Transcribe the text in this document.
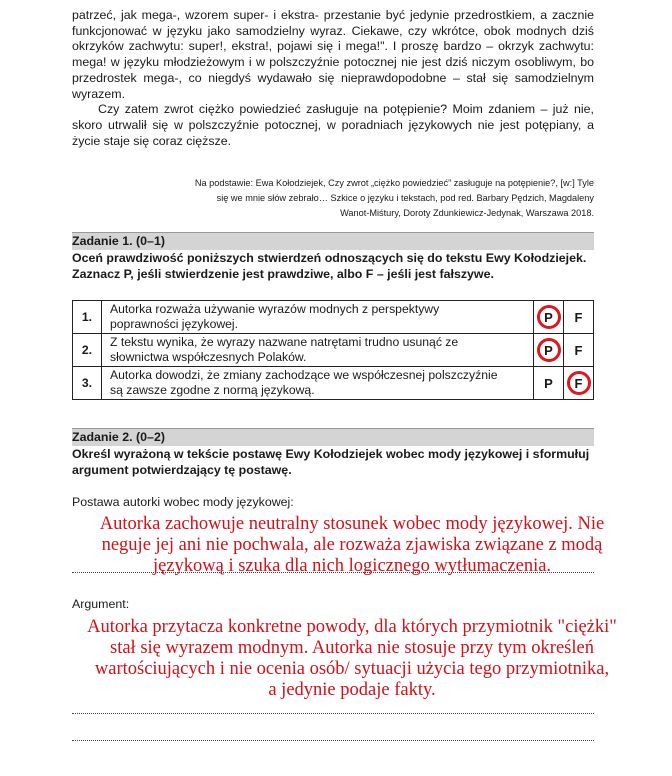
patrzeć, jak mega-, wzorem super- i ekstra- przestanie być jedynie przedrostkiem, a zacznie funkcjonować w języku jako samodzielny wyraz. Ciekawe, czy wkrótce, obok modnych dziś okrzyków zachwytu: super!, ekstra!, pojawi się i mega!". I proszę bardzo – okrzyk zachwytu: mega! w języku młodzieżowym i w polszczyźnie potocznej nie jest dziś niczym osobliwym, bo przedrostek mega-, co niegdyś wydawało się nieprawdopodobne – stał się samodzielnym wyrazem.

Czy zatem zwrot ciężko powiedzieć zasługuje na potępienie? Moim zdaniem – już nie, skoro utrwalił się w polszczyźnie potocznej, w poradniach językowych nie jest potępiany, a życie staje się coraz cięższe.

Na podstawie: Ewa Kołodziejek, Czy zwrot „ciężko powiedzieć” zasługuje na potępienie?, [w:] Tyle
się we mnie słów zebrało… Szkice o języku i tekstach, pod red. Barbary Pędzich, Magdaleny
Wanot-Miśtury, Doroty Zdunkiewicz-Jedynak, Warszawa 2018.
Zadanie 1. (0–1)
Oceń prawdziwość poniższych stwierdzeń odnoszących się do tekstu Ewy Kołodziejek.
Zaznacz P, jeśli stwierdzenie jest prawdziwe, albo F – jeśli jest fałszywe.
1.	Autorka rozważa używanie wyrazów modnych z perspektywy
poprawności językowej.	P	F
2.	Z tekstu wynika, że wyrazy nazwane natrętami trudno usunąć ze
słownictwa współczesnych Polaków.	P	F
3.	Autorka dowodzi, że zmiany zachodzące we współczesnej polszczyźnie
są zawsze zgodne z normą językową.	P	F
Zadanie 2. (0–2)
Określ wyrażoną w tekście postawę Ewy Kołodziejek wobec mody językowej i sformułuj
argument potwierdzający tę postawę.
Postawa autorki wobec mody językowej:
Argument:

Autorka zachowuje neutralny stosunek wobec mody językowej. Nie

neguje jej ani nie pochwala, ale rozważa zjawiska związane z modą

językową i szuka dla nich logicznego wytłumaczenia.

Autorka przytacza konkretne powody, dla których przymiotnik "ciężki"

stał się wyrazem modnym. Autorka nie stosuje przy tym określeń

wartościujących i nie ocenia osób/ sytuacji użycia tego przymiotnika,

a jedynie podaje fakty.
